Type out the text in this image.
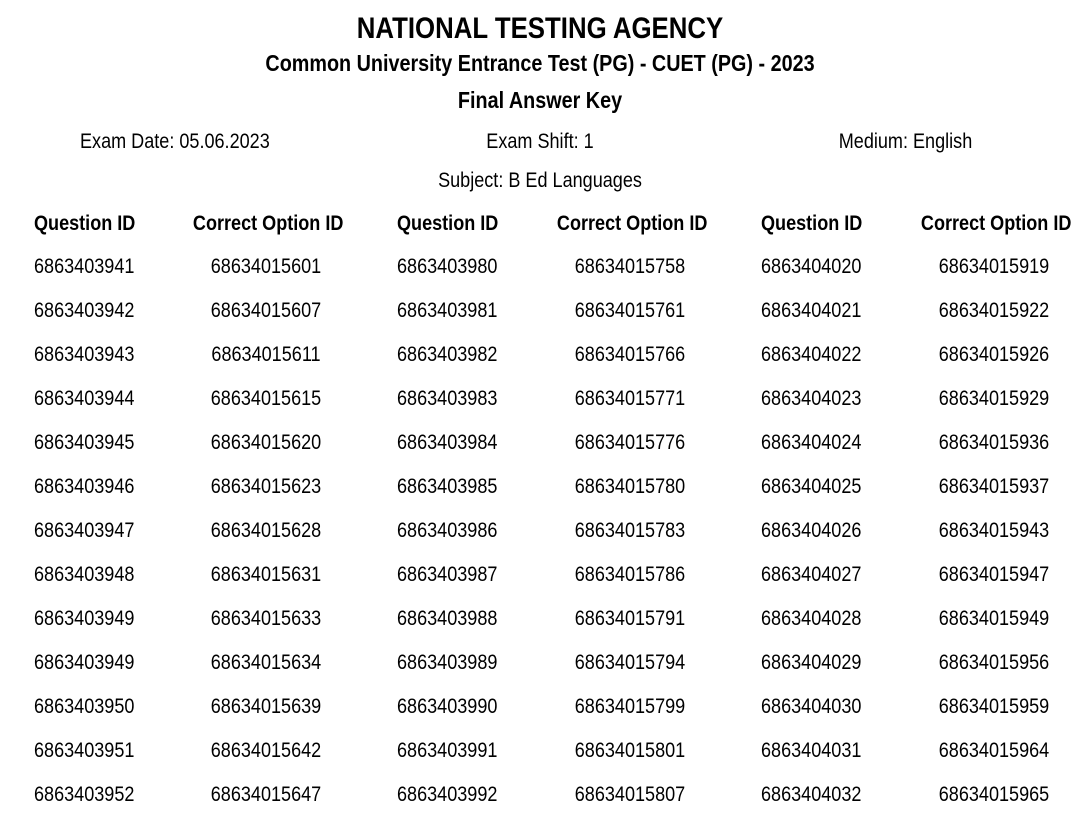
NATIONAL TESTING AGENCY
Common University Entrance Test (PG) - CUET (PG) - 2023
Final Answer Key
Exam Date: 05.06.2023	Exam Shift: 1	Medium: English
Subject: B Ed Languages
Question ID
6863403941
6863403942
6863403943
6863403944
6863403945
6863403946
6863403947
6863403948
6863403949
6863403949
6863403950
6863403951
6863403952
Correct Option ID
68634015601
68634015607
68634015611
68634015615
68634015620
68634015623
68634015628
68634015631
68634015633
68634015634
68634015639
68634015642
68634015647
Question ID
6863403980
6863403981
6863403982
6863403983
6863403984
6863403985
6863403986
6863403987
6863403988
6863403989
6863403990
6863403991
6863403992
Correct Option ID
68634015758
68634015761
68634015766
68634015771
68634015776
68634015780
68634015783
68634015786
68634015791
68634015794
68634015799
68634015801
68634015807
Question ID
6863404020
6863404021
6863404022
6863404023
6863404024
6863404025
6863404026
6863404027
6863404028
6863404029
6863404030
6863404031
6863404032
Correct Option ID
68634015919
68634015922
68634015926
68634015929
68634015936
68634015937
68634015943
68634015947
68634015949
68634015956
68634015959
68634015964
68634015965
